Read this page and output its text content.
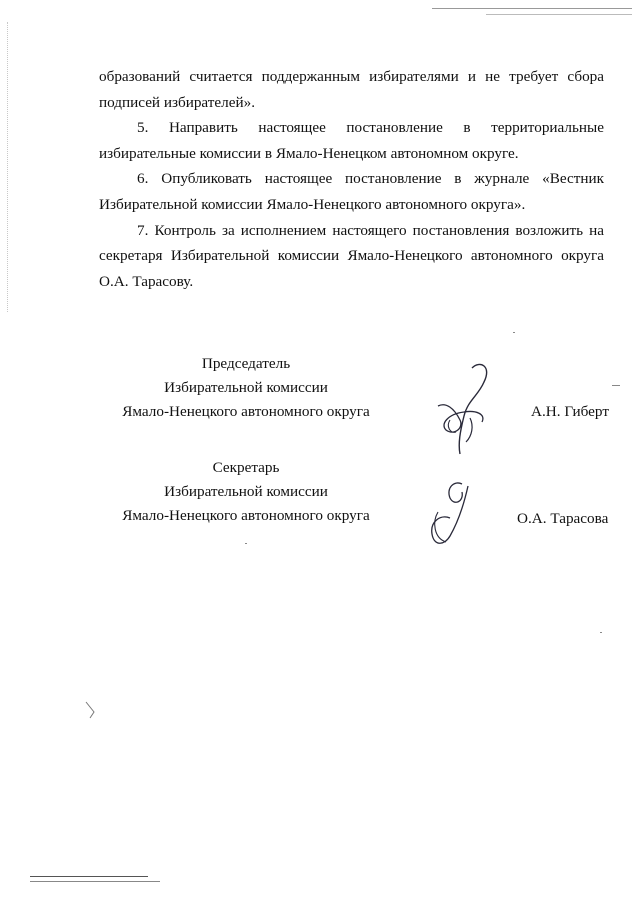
образований считается поддержанным избирателями и не требует сбора подписей избирателей».

5. Направить настоящее постановление в территориальные избирательные комиссии в Ямало-Ненецком автономном округе.

6. Опубликовать настоящее постановление в журнале «Вестник Избирательной комиссии Ямало-Ненецкого автономного округа».

7. Контроль за исполнением настоящего постановления возложить на секретаря Избирательной комиссии Ямало-Ненецкого автономного округа О.А. Тарасову.

Председатель
Избирательной комиссии
Ямало-Ненецкого автономного округа	А.Н. Гиберт
Секретарь
Избирательной комиссии
Ямало-Ненецкого автономного округа	О.А. Тарасова
